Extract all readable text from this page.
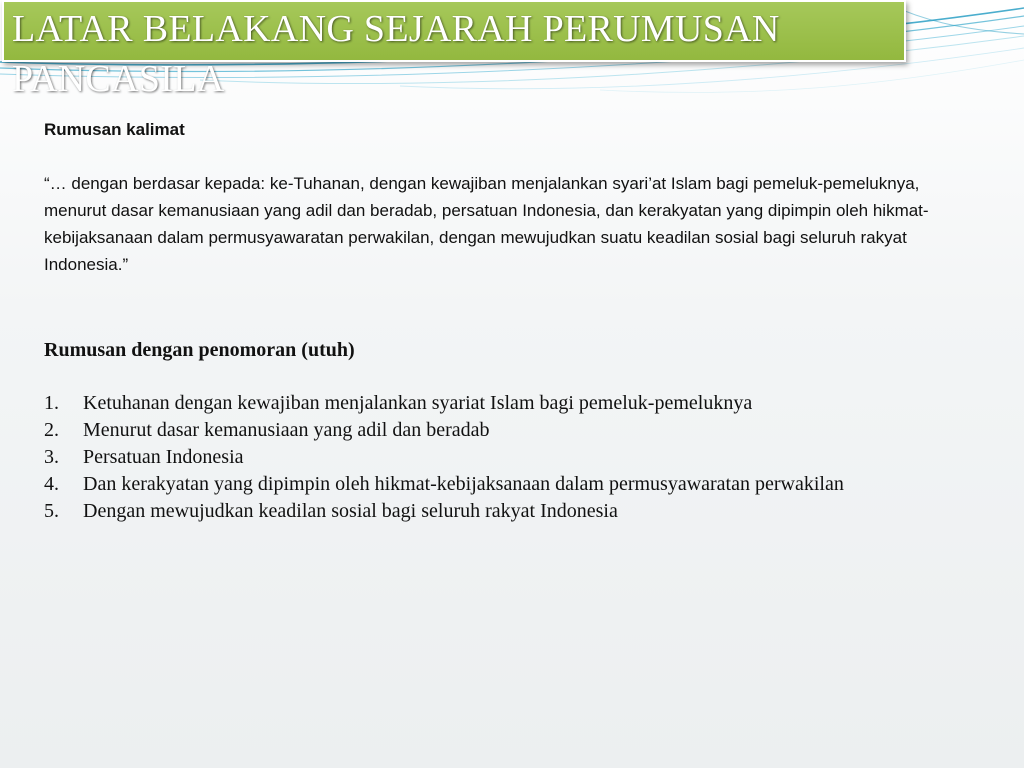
LATAR BELAKANG SEJARAH PERUMUSAN PANCASILA

Rumusan kalimat

“… dengan berdasar kepada: ke-Tuhanan, dengan kewajiban menjalankan syari’at Islam bagi pemeluk-pemeluknya, menurut dasar kemanusiaan yang adil dan beradab, persatuan Indonesia, dan kerakyatan yang dipimpin oleh hikmat-kebijaksanaan dalam permusyawaratan perwakilan, dengan mewujudkan suatu keadilan sosial bagi seluruh rakyat Indonesia.”

Rumusan dengan penomoran (utuh)

1.	Ketuhanan dengan kewajiban menjalankan syariat Islam bagi pemeluk-pemeluknya
2.	Menurut dasar kemanusiaan yang adil dan beradab
3.	Persatuan Indonesia
4.	Dan kerakyatan yang dipimpin oleh hikmat-kebijaksanaan dalam permusyawaratan perwakilan
5.	Dengan mewujudkan keadilan sosial bagi seluruh rakyat Indonesia
